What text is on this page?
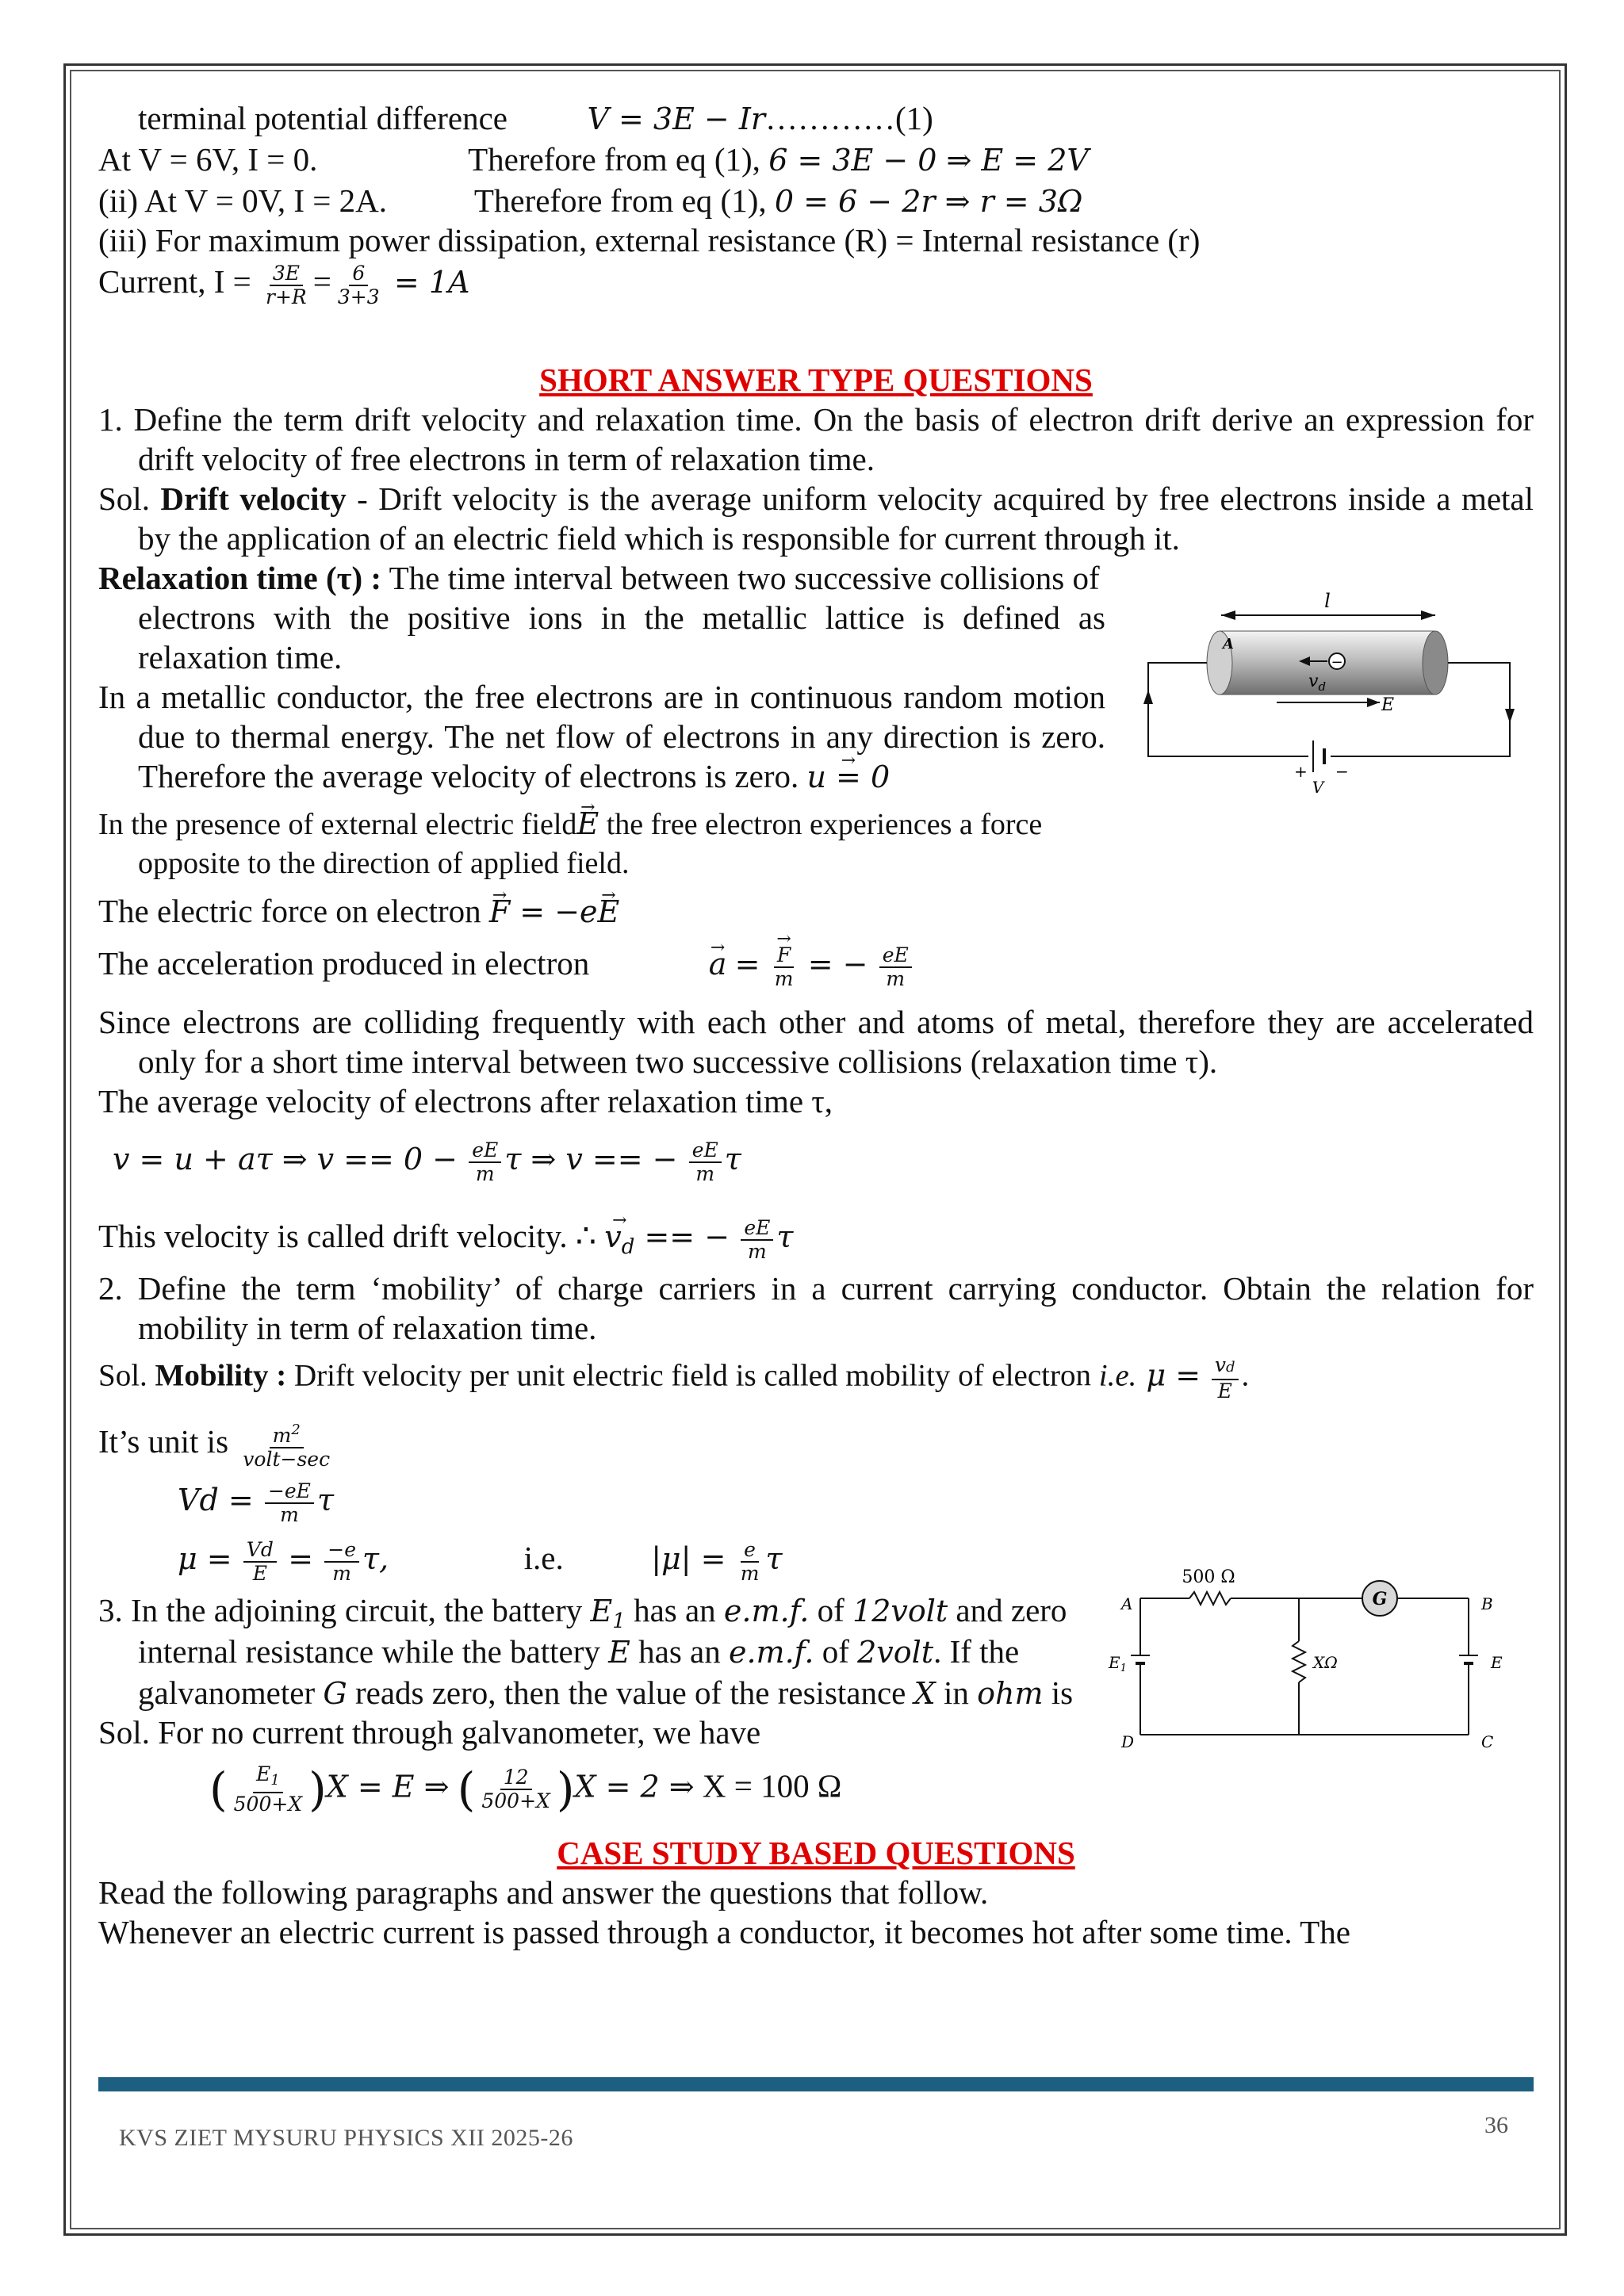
terminal potential difference	V = 3E − Ir…………(1)
At V = 6V, I = 0.	Therefore from eq (1), 6 = 3E − 0 ⇒ E = 2V
(ii) At V = 0V, I = 2A.	Therefore from eq (1), 0 = 6 − 2r ⇒ r = 3Ω
(iii) For maximum power dissipation, external resistance (R) = Internal resistance (r)
Current, $I = \frac{3E}{r+R} = \frac{6}{3+3} = 1A$
SHORT ANSWER TYPE QUESTIONS
1. Define the term drift velocity and relaxation time. On the basis of electron drift derive an expression for
drift velocity of free electrons in term of relaxation time.
Sol. Drift velocity - Drift velocity is the average uniform velocity acquired by free electrons inside a metal
by the application of an electric field which is responsible for current through it.
Relaxation time (τ) : The time interval between two successive collisions of
electrons with the positive ions in the metallic lattice is defined as
relaxation time.
In a metallic conductor, the free electrons are in continuous random motion
due to thermal energy. The net flow of electrons in any direction is zero.
Therefore the average velocity of electrons is zero. → u = 0
In the presence of external electric field→ E the free electron experiences a force
opposite to the direction of applied field.
The electric force on electron → F = −e→ E
The acceleration produced in electron	→ a = → $\frac{F}{m}$ = − $\frac{eE}{m}$
Since electrons are colliding frequently with each other and atoms of metal, therefore they are accelerated
only for a short time interval between two successive collisions (relaxation time τ).
The average velocity of electrons after relaxation time τ,
v = u + aτ ⇒ $v == 0 - \frac{eE}{m}$ τ ⇒ v == − $\frac{eE}{m}$ τ
This velocity is called drift velocity. ∴ → $v_d$ == − $\frac{eE}{m}$ τ
2. Define the term ‘mobility’ of charge carriers in a current carrying conductor. Obtain the relation for
mobility in term of relaxation time.
Sol. Mobility : Drift velocity per unit electric field is called mobility of electron i.e. $\mu = \frac{vd}{E}$ .
It’s unit is $\frac{m^2}{\text{volt−sec}}$
$Vd = \frac{-eE}{m}$ τ
$\mu = \frac{Vd}{E} = \frac{-e}{m} \tau$,	i.e.	$|\mu| = \frac{e}{m}$ τ
3. In the adjoining circuit, the battery $E_1$ has an e.m.f. of 12volt and zero
internal resistance while the battery E has an e.m.f. of 2volt. If the
galvanometer G reads zero, then the value of the resistance X in ohm is
Sol. For no current through galvanometer, we have
( $\frac{E_1}{500+X} )X = E$ ⇒ ( $\frac{12}{500+X} )X = 2$ ⇒ X = 100 Ω
CASE STUDY BASED QUESTIONS
Read the following paragraphs and answer the questions that follow.
Whenever an electric current is passed through a conductor, it becomes hot after some time. The
l
A
−
$v_d$
E
+ −
V
G
500 Ω
$E_1$	XΩ	E
A	B
C
D
KVS ZIET MYSURU PHYSICS XII 2025-26	36
